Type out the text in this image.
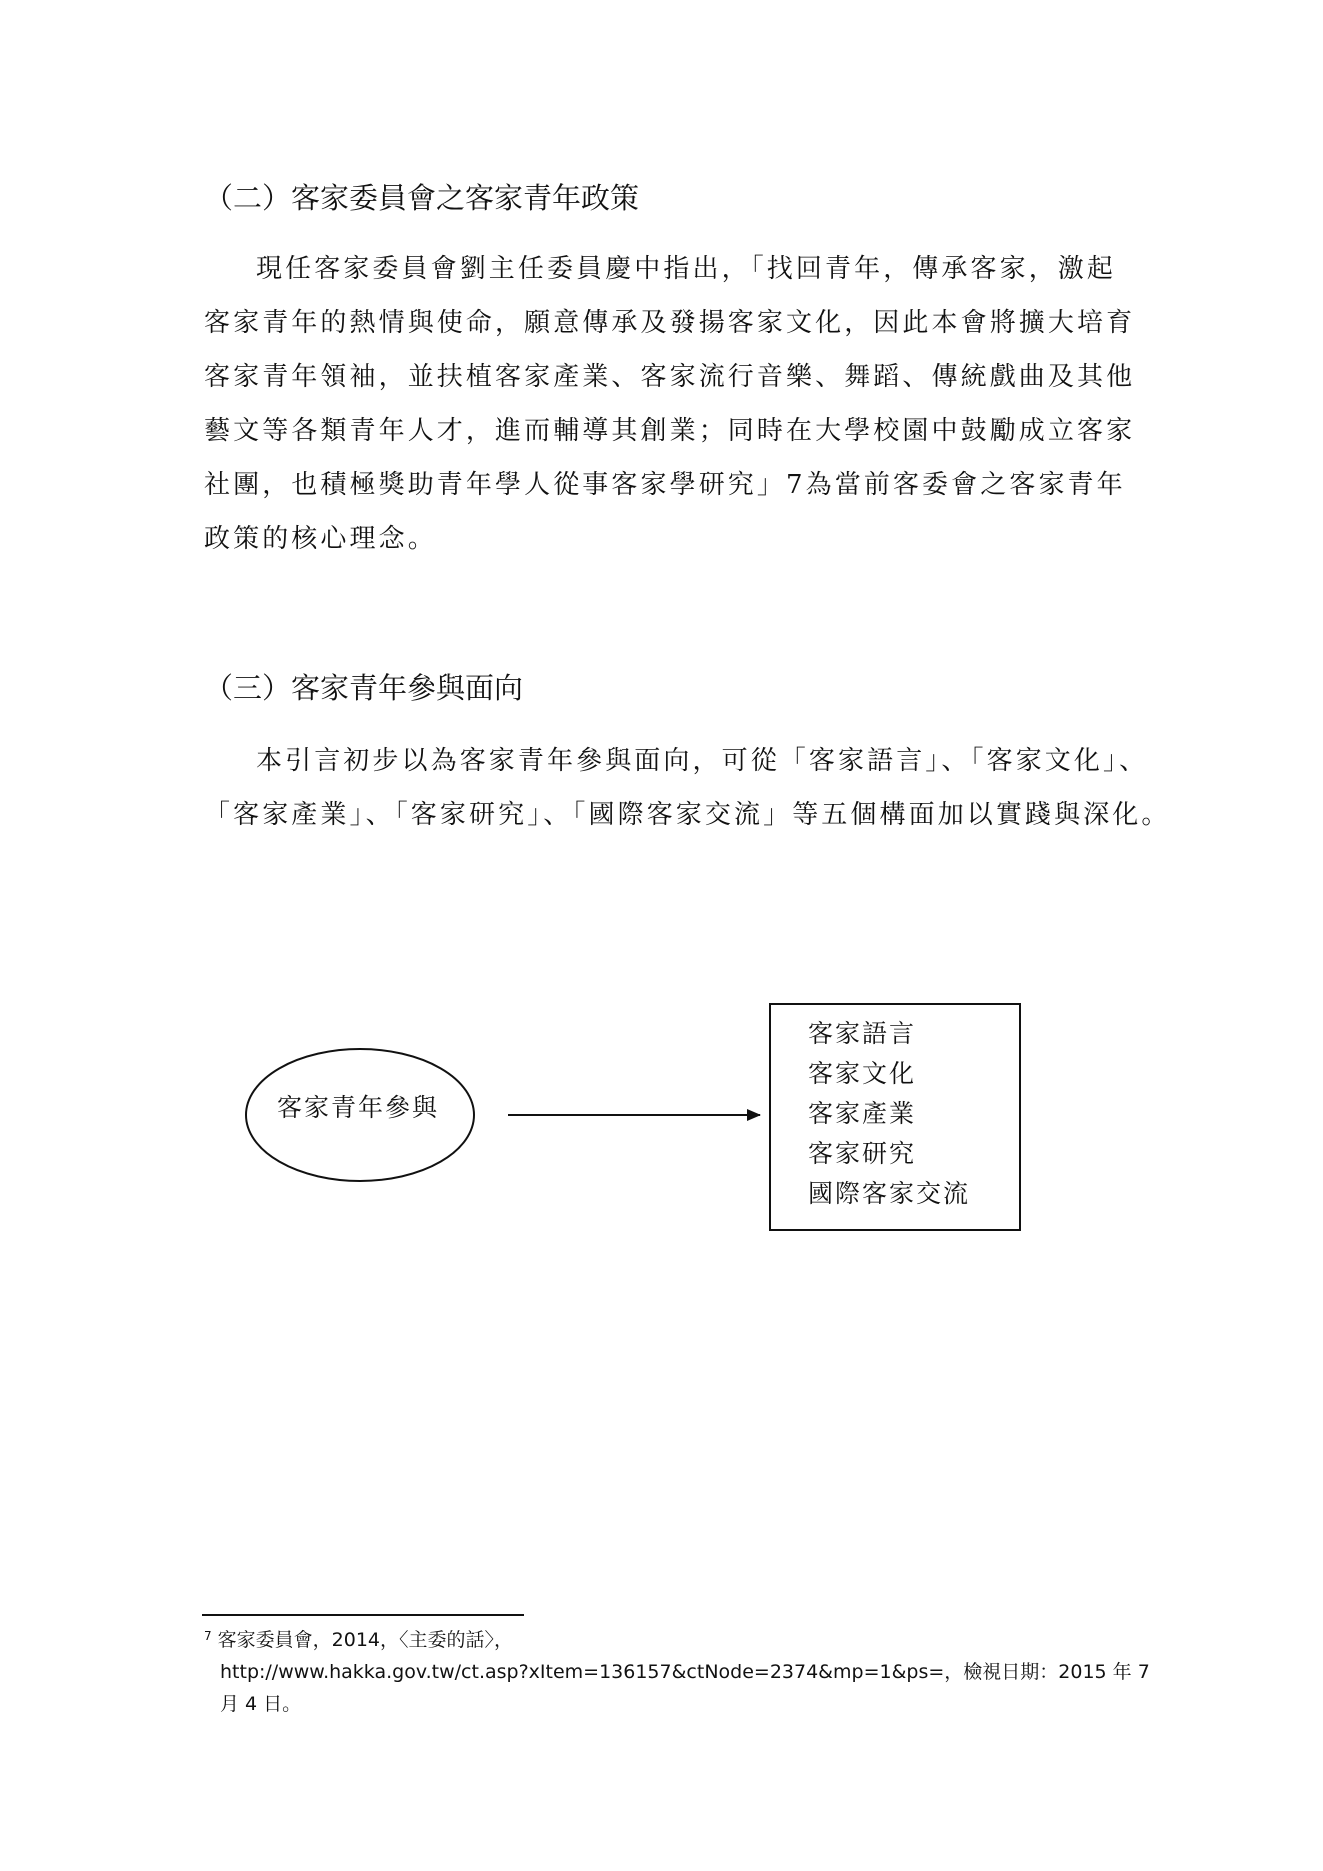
（二）客家委員會之客家青年政策
現任客家委員會劉主任委員慶中指出，「找回青年，傳承客家，激起
客家青年的熱情與使命，願意傳承及發揚客家文化，因此本會將擴大培育
客家青年領袖，並扶植客家產業、客家流行音樂、舞蹈、傳統戲曲及其他
藝文等各類青年人才，進而輔導其創業；同時在大學校園中鼓勵成立客家
社團，也積極獎助青年學人從事客家學研究」7為當前客委會之客家青年
政策的核心理念。
（三）客家青年參與面向
本引言初步以為客家青年參與面向，可從「客家語言」、「客家文化」、
「客家產業」、「客家研究」、「國際客家交流」等五個構面加以實踐與深化。
客家青年參與
客家語言
客家文化
客家產業
客家研究
國際客家交流
$^7$ 客家委員會，2014，〈主委的話〉，
http://www.hakka.gov.tw/ct.asp?xItem=136157&ctNode=2374&mp=1&ps=，檢視日期：2015 年 7
月 4 日。
